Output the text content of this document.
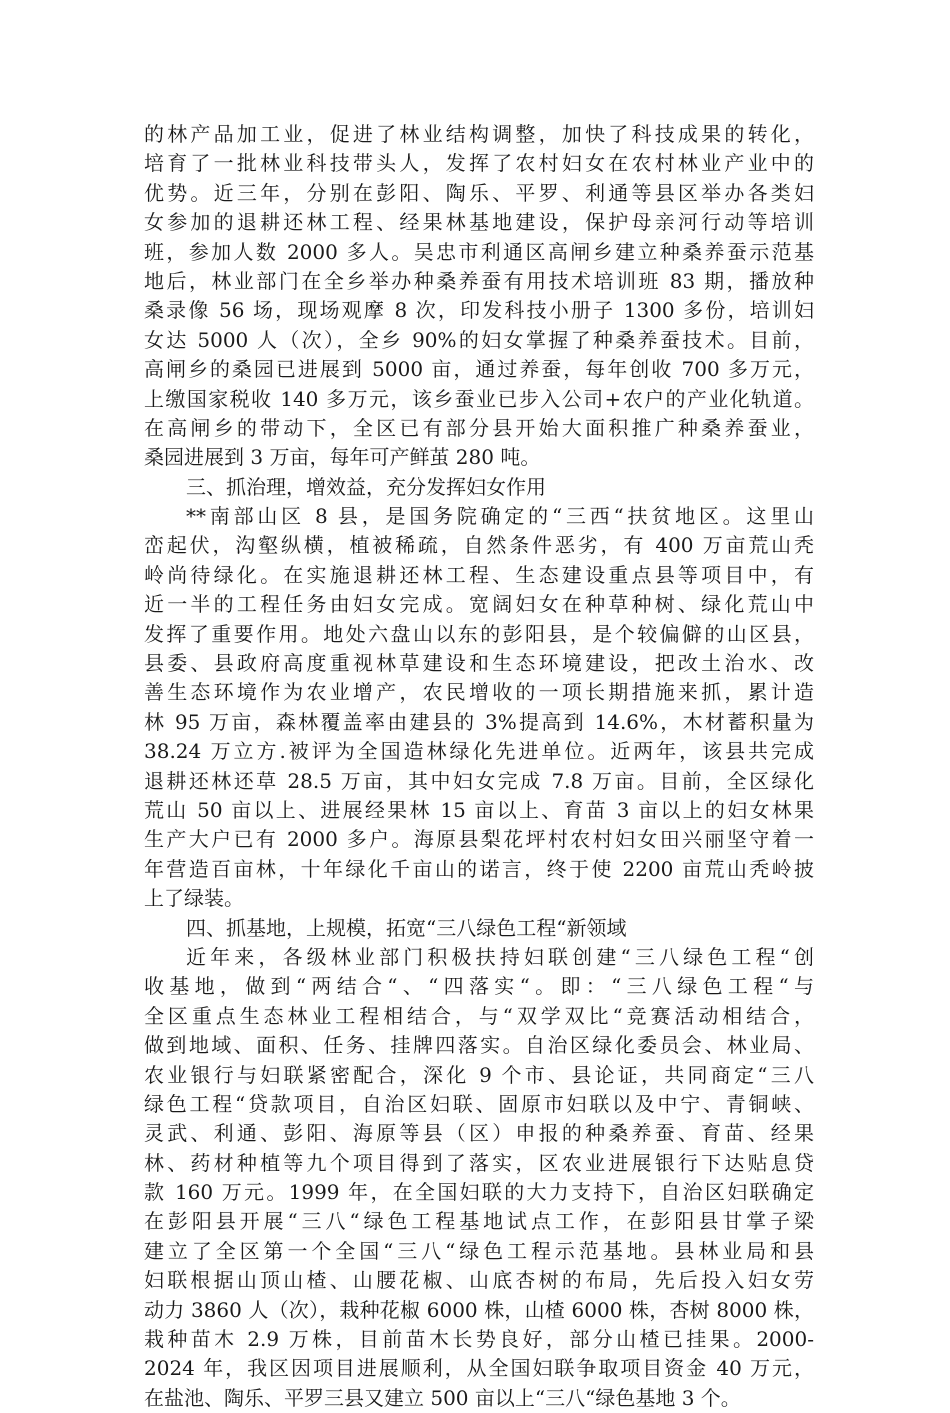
的林产品加工业，促进了林业结构调整，加快了科技成果的转化，
培育了一批林业科技带头人，发挥了农村妇女在农村林业产业中的
优势。近三年，分别在彭阳、陶乐、平罗、利通等县区举办各类妇
女参加的退耕还林工程、经果林基地建设，保护母亲河行动等培训
班，参加人数 2000 多人。吴忠市利通区高闸乡建立种桑养蚕示范基
地后，林业部门在全乡举办种桑养蚕有用技术培训班 83 期，播放种
桑录像 56 场，现场观摩 8 次，印发科技小册子 1300 多份，培训妇
女达 5000 人（次），全乡 90%的妇女掌握了种桑养蚕技术。目前，
高闸乡的桑园已进展到 5000 亩，通过养蚕，每年创收 700 多万元，
上缴国家税收 140 多万元，该乡蚕业已步入公司+农户的产业化轨道。
在高闸乡的带动下，全区已有部分县开始大面积推广种桑养蚕业，
桑园进展到 3 万亩，每年可产鲜茧 280 吨。
三、抓治理，增效益，充分发挥妇女作用
**南部山区 8 县，是国务院确定的“三西“扶贫地区。这里山
峦起伏，沟壑纵横，植被稀疏，自然条件恶劣，有 400 万亩荒山秃
岭尚待绿化。在实施退耕还林工程、生态建设重点县等项目中，有
近一半的工程任务由妇女完成。宽阔妇女在种草种树、绿化荒山中
发挥了重要作用。地处六盘山以东的彭阳县，是个较偏僻的山区县，
县委、县政府高度重视林草建设和生态环境建设，把改土治水、改
善生态环境作为农业增产，农民增收的一项长期措施来抓，累计造
林 95 万亩，森林覆盖率由建县的 3%提高到 14.6%，木材蓄积量为
38.24 万立方.被评为全国造林绿化先进单位。近两年，该县共完成
退耕还林还草 28.5 万亩，其中妇女完成 7.8 万亩。目前，全区绿化
荒山 50 亩以上、进展经果林 15 亩以上、育苗 3 亩以上的妇女林果
生产大户已有 2000 多户。海原县梨花坪村农村妇女田兴丽坚守着一
年营造百亩林，十年绿化千亩山的诺言，终于使 2200 亩荒山秃岭披
上了绿装。
四、抓基地，上规模，拓宽“三八绿色工程“新领域
近年来，各级林业部门积极扶持妇联创建“三八绿色工程“创
收基地，做到“两结合“、“四落实“。即：“三八绿色工程“与
全区重点生态林业工程相结合，与“双学双比“竞赛活动相结合，
做到地域、面积、任务、挂牌四落实。自治区绿化委员会、林业局、
农业银行与妇联紧密配合，深化 9 个市、县论证，共同商定“三八
绿色工程“贷款项目，自治区妇联、固原市妇联以及中宁、青铜峡、
灵武、利通、彭阳、海原等县（区）申报的种桑养蚕、育苗、经果
林、药材种植等九个项目得到了落实，区农业进展银行下达贴息贷
款 160 万元。1999 年，在全国妇联的大力支持下，自治区妇联确定
在彭阳县开展“三八“绿色工程基地试点工作，在彭阳县甘掌子梁
建立了全区第一个全国“三八“绿色工程示范基地。县林业局和县
妇联根据山顶山楂、山腰花椒、山底杏树的布局，先后投入妇女劳
动力 3860 人（次），栽种花椒 6000 株，山楂 6000 株，杏树 8000 株，
栽种苗木 2.9 万株，目前苗木长势良好，部分山楂已挂果。2000-
2024 年，我区因项目进展顺利，从全国妇联争取项目资金 40 万元，
在盐池、陶乐、平罗三县又建立 500 亩以上“三八“绿色基地 3 个。
